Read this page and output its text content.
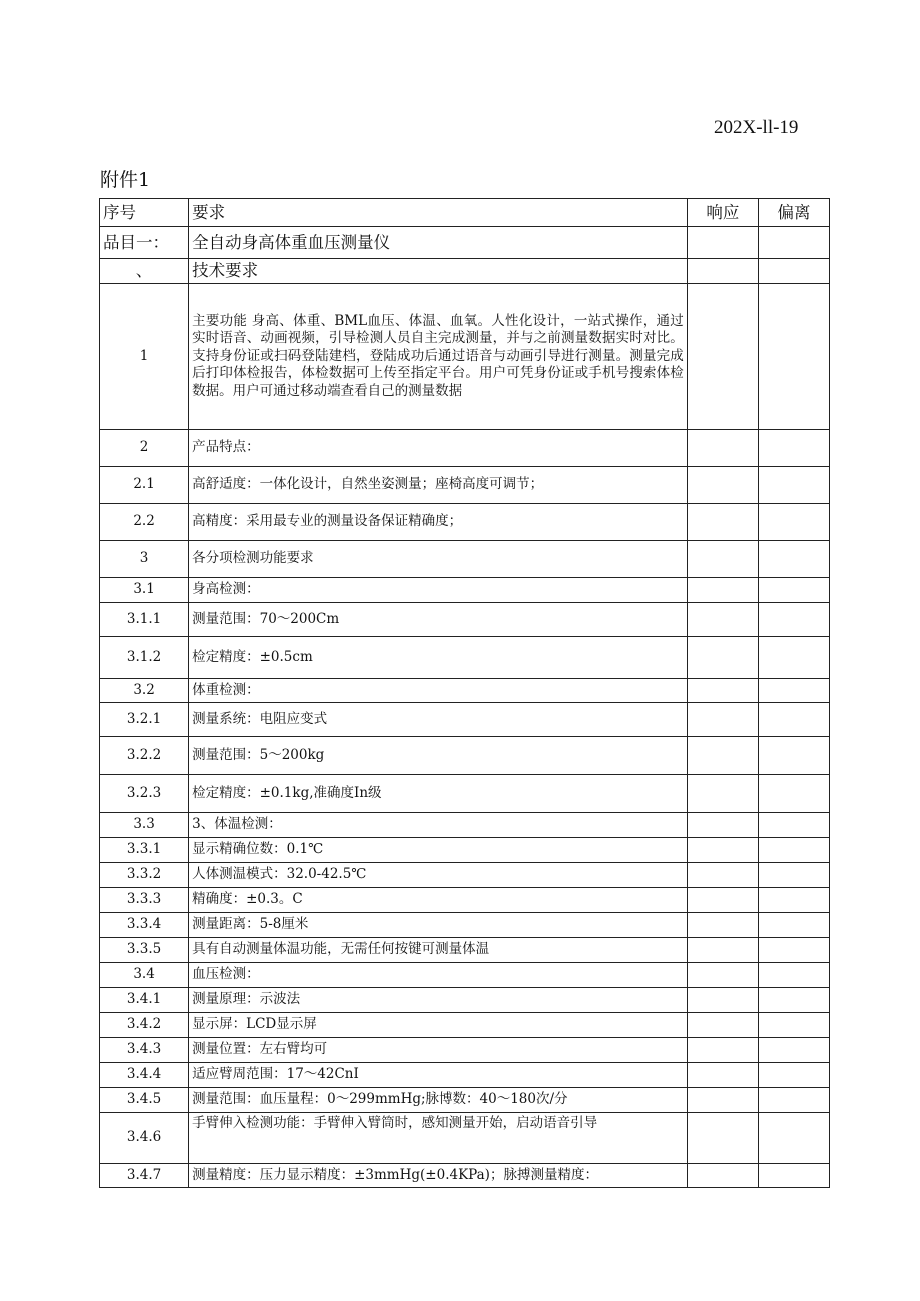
202X-ll-19
附件1
序号	要求	响应	偏离
品目一：	全自动身高体重血压测量仪		
、	技术要求		
1	主要功能 身高、体重、BML血压、体温、血氧。人性化设计，一站式操作，通过实时语音、动画视频，引导检测人员自主完成测量，并与之前测量数据实时对比。支持身份证或扫码登陆建档，登陆成功后通过语音与动画引导进行测量。测量完成后打印体检报告，体检数据可上传至指定平台。用户可凭身份证或手机号搜索体检数据。用户可通过移动端查看自己的测量数据		
2	产品特点：		
2.1	高舒适度：一体化设计，自然坐姿测量；座椅高度可调节；		
2.2	高精度：采用最专业的测量设备保证精确度；		
3	各分项检测功能要求		
3.1	身高检测：		
3.1.1	测量范围：70～200Cm		
3.1.2	检定精度：±0.5cm		
3.2	体重检测：		
3.2.1	测量系统：电阻应变式		
3.2.2	测量范围：5～200kg		
3.2.3	检定精度：±0.1kg,准确度In级		
3.3	3、体温检测：		
3.3.1	显示精确位数：0.1℃		
3.3.2	人体测温模式：32.0-42.5℃		
3.3.3	精确度：±0.3。C		
3.3.4	测量距离：5-8厘米		
3.3.5	具有自动测量体温功能，无需任何按键可测量体温		
3.4	血压检测：		
3.4.1	测量原理：示波法		
3.4.2	显示屏：LCD显示屏		
3.4.3	测量位置：左右臂均可		
3.4.4	适应臂周范围：17～42CnI		
3.4.5	测量范围：血压量程：0～299mmHg;脉博数：40～180次/分		
3.4.6	手臂伸入检测功能：手臂伸入臂筒时，感知测量开始，启动语音引导		
3.4.7	测量精度：压力显示精度：±3mmHg(±0.4KPa)；脉搏测量精度：		
